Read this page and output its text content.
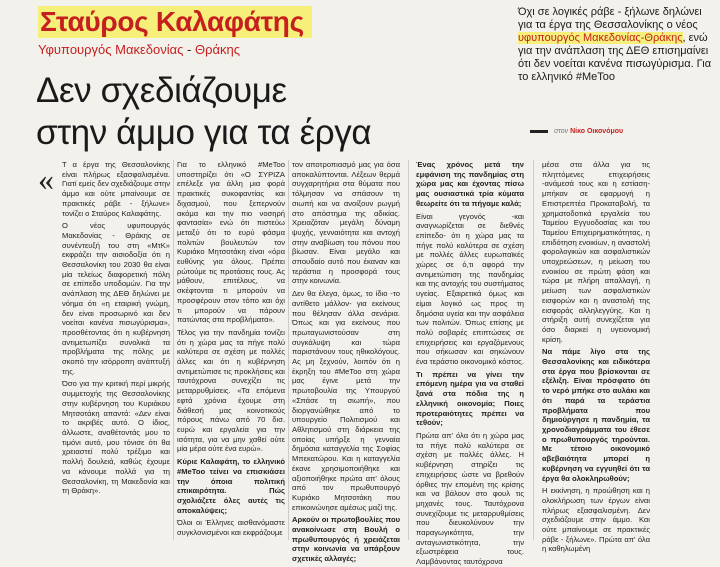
Σταύρος Καλαφάτης
Υφυπουργός Μακεδονίας - Θράκης
Δεν σχεδιάζουμε
στην άμμο για τα έργα
Όχι σε λογικές ράβε - ξήλωνε δηλώνει για τα έργα της Θεσσαλονίκης ο νέος υφυπουργός Μακεδονίας-Θράκης, ενώ για την ανάπλαση της ΔΕΘ επισημαίνει ότι δεν νοείται κανένα πισωγύρισμα. Για το ελληνικό #MeToo
στον Νίκο Οικονόμου
« Τ α έργα της Θεσσαλονίκης είναι πλήρως εξασφαλισμένα. Γιατί εμείς δεν σχεδιάζουμε στην άμμο και ούτε μπαίνουμε σε πρακτικές ράβε - ξήλωνε» τονίζει ο Σταύρος Καλαφάτης.

Ο νέος υφυπουργός Μακεδονίας - Θράκης σε συνέντευξή του στη «ΜτΚ» εκφράζει την αισιοδοξία ότι η Θεσσαλονίκη του 2030 θα είναι μία τελείως διαφορετική πόλη σε επίπεδο υποδομών. Για την ανάπλαση της ΔΕΘ δηλώνει με νόημα ότι «η εταιρική γνώμη, δεν είναι προσωρινό και δεν νοείται κανένα πισωγύρισμα», προσθέτοντας ότι η κυβέρνηση αντιμετωπίζει συνολικά τα προβλήματα της πόλης με σκοπό την ισόρροπη ανάπτυξή της.

Όσο για την κριτική περί μικρής συμμετοχής της Θεσσαλονίκης στην κυβέρνηση του Κυριάκου Μητσοτάκη απαντά: «Δεν είναι το ακριβές αυτό. Ο ίδιος, άλλωστε, αναθέτοντάς μου το τιμόνι αυτό, μου τόνισε ότι θα χρειαστεί πολύ τρέξιμο και πολλή δουλειά, καθώς έχουμε να κάνουμε πολλά για τη Θεσσαλονίκη, τη Μακεδονία και τη Θράκη».

Για το ελληνικό #MeToo υποστηρίζει ότι «Ο ΣΥΡΙΖΑ επέλεξε για άλλη μια φορά πρακτικές συκοφαντίας και διχασμού, που ξεπερνούν ακόμα και την πιο νοσηρή φαντασία» ενώ ότι πιστεύω μεταξύ ότι το ευρύ φάσμα πολιτών βουλευτών τον Κυριάκο Μητσοτάκη είναι «όρα ευθύνης για όλους. Πρέπει ρώτούμε τις προτάσεις τους. Ας μάθουν, επιτέλους, να σκέφτονται τι μπορούν να προσφέρουν στον τόπο και όχι τι μπορούν να πάρουν πατώντας στα προβλήματα».

Τέλος για την πανδημία τονίζει ότι η χώρα μας τα πήγε πολύ καλύτερα σε σχέση με πολλές άλλες και ότι η κυβέρνηση αντιμετώπισε τις προκλήσεις και ταυτόχρονα συνεχίζει τις μεταρρυθμίσεις. «Τα επόμενα εφτά χρόνια έχουμε στη διάθεσή μας κοινοτικούς πόρους πάνω από 70 δισ. ευρώ και εργαλεία για την ισότητα, για να μην χαθεί ούτε μία μέρα ούτε ένα ευρώ».

Κύριε Καλαφάτη, το ελληνικό #MeToo τείνει να επισκιάσει την όποια πολιτική επικαιρότητα. Πώς σχολιάζετε όλες αυτές τις αποκαλύψεις;

Όλοι οι Έλληνες αισθανόμαστε συγκλονισμένοι και εκφράζουμε

τον αποτροπιασμό μας για όσα αποκαλύπτονται. Λέξεων θερμά συγχαρητήρια στα θύματα που τόλμησαν να σπάσουν τη σιωπή και να ανοίξουν ρωγμή στο απόστημα της αδικίας. Χρειαζόταν μεγάλη δύναμη ψυχής, γενναιότητα και αντοχή στην αναβίωση του πόνου που βίωσαν. Είναι μεγάλο και σπουδαίο αυτό που έκαναν και τεράστια η προσφορά τους στην κοινωνία.

Δεν θα έλεγα, όμως, το ίδιο -το αντίθετο μάλλον- για εκείνους που θέλησαν άλλα σενάρια. Όπως και για εκείνους που πρωταγωνιστούσαν στη συγκάλυψη και τώρα παριστάνουν τους ηθικολόγους. Ας μη ξεχνούν, λοιπόν ότι η έκρηξη του #MeToo στη χώρα μας έγινε μετά την πρωτοβουλία της Υπουργού «Σπάσε τη σιωπή», που διοργανώθηκε από το υπουργείο Πολιτισμού και Αθλητισμού στη διάρκεια της οποίας υπήρξε η γενναία δημόσια καταγγελία της Σοφίας Μπεκατώρου. Και η καταγγελία έκανε χρησιμοποιήθηκε και αξιοποιήθηκε πρώτα απ' όλους από τον πρωθυπουργό Κυριάκο Μητσοτάκη που επικοινώνησε αμέσως μαζί της.

Αρκούν οι πρωτοβουλίες που ανακοίνωσε στη Βουλή ο πρωθυπουργός ή χρειάζεται στην κοινωνία να υπάρξουν σχετικές αλλαγές;

Ένας χρόνος μετά την εμφάνιση της πανδημίας στη χώρα μας και έχοντας πίσω μας ουσιαστικά τρία κύματα θεωρείτε ότι τα πήγαμε καλά;

Είναι γεγονός -και αναγνωρίζεται σε διεθνές επίπεδο- ότι η χώρα μας τα πήγε πολύ καλύτερα σε σχέση με πολλές άλλες ευρωπαϊκές χώρες σε ό,τι αφορά την αντιμετώπιση της πανδημίας και της αντοχής του συστήματος υγείας. Εξαιρετικά όμως και είμαι λογικό ως προς τη δημόσια υγεία και την ασφάλεια των πολιτών. Όπως επίσης με πολύ σοβαρές επιπτώσεις σε επιχειρήσεις και εργαζόμενους που σήκωσαν και σηκώνουν ένα τεράστιο οικονομικό κόστος.

Τι πρέπει να γίνει την επόμενη ημέρα για να σταθεί ξανά στα πόδια της η ελληνική οικονομία; Ποιες προτεραιότητες πρέπει να τεθούν;

Πρώτα απ' όλα ότι η χώρα μας τα πήγε πολύ καλύτερα σε σχέση με πολλές άλλες. Η κυβέρνηση στηρίζει τις επιχειρήσεις ώστε να βρεθούν όρθιες την επομένη της κρίσης και να βάλουν στο φουλ τις μηχανές τους. Ταυτόχρονα συνεχίζουμε τις μεταρρυθμίσεις που διευκολύνουν την παραγωγικότητα, την ανταγωνιστικότητα, την εξωστρέφεια τους. Λαμβάνοντας ταυτόχρονα

μέσα στα άλλα για τις πληττόμενες επιχειρήσεις -ανάμεσά τους και η εστίαση- μπήκαν σε εφαρμογή η Επιστρεπτέα Προκαταβολή, τα χρηματοδοτικά εργαλεία του Ταμείου Εγγυοδοσίας και του Ταμείου Επιχειρηματικότητας, η επιδότηση ενοικίων, η αναστολή φορολογικών και ασφαλιστικών υποχρεώσεων, η μείωση του ενοικίου σε πρώτη φάση και τώρα με πλήρη απαλλαγή, η μείωση των ασφαλιστικών εισφορών και η αναστολή της εισφοράς αλληλεγγύης. Και η στήριξη αυτή συνεχίζεται για όσο διαρκεί η υγειονομική κρίση.

Να πάμε λίγο στα της Θεσσαλονίκης και ειδικότερα στα έργα που βρίσκονται σε εξέλιξη. Είναι πρόσφατο ότι το νερό μπήκε στο αυλάκι και ότι παρά τα τεράστια προβλήματα που δημιούργησε η πανδημία, τα χρονοδιαγράμματα του έθεσε ο πρωθυπουργός τηρούνται. Με τέτοιο οικονομικό αβεβαιότητα μπορεί η κυβέρνηση να εγγυηθεί ότι τα έργα θα ολοκληρωθούν;

Η εκκίνηση, η προώθηση και η ολοκλήρωση των έργων είναι πλήρως εξασφαλισμένη. Δεν σχεδιάζουμε στην άμμο. Και ούτε μπαίνουμε σε πρακτικές ράβε - ξήλωνε». Πρώτα απ' όλα η καθηλωμένη
